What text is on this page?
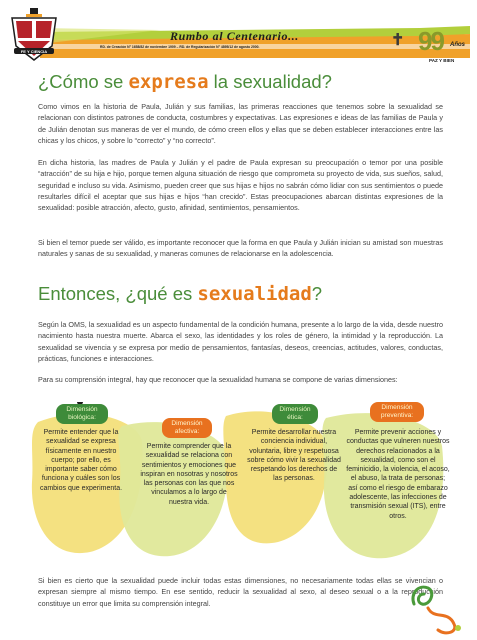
FE Y CIENCIA
Rumbo al Centenario...
RD. de Creación N° 1658/82 de noviembre 1909 – RD. de Regularización N° 4895/12 de agosto 2000.	✝ 99 Años
PAZ Y BIEN
¿Cómo se expresa la sexualidad?

Como vimos en la historia de Paula, Julián y sus familias, las primeras reacciones que tenemos sobre la sexualidad se relacionan con distintos patrones de conducta, costumbres y expectativas. Las expresiones e ideas de las familias de Paula y de Julián denotan sus maneras de ver el mundo, de cómo creen ellos y ellas que se deben establecer interacciones entre las chicas y los chicos, y sobre lo “correcto” y “no correcto”.

En dicha historia, las madres de Paula y Julián y el padre de Paula expresan su preocupación o temor por una posible “atracción” de su hija e hijo, porque temen alguna situación de riesgo que comprometa su proyecto de vida, sus sueños, salud, seguridad e incluso su vida. Asimismo, pueden creer que sus hijas e hijos no sabrán cómo lidiar con sus sentimientos o puede resultarles difícil el aceptar que sus hijas e hijos “han crecido”. Estas preocupaciones abarcan distintas expresiones de la sexualidad: posible atracción, afecto, gusto, afinidad, sentimientos, pensamientos.

Si bien el temor puede ser válido, es importante reconocer que la forma en que Paula y Julián inician su amistad son muestras naturales y sanas de su sexualidad, y maneras comunes de relacionarse en la adolescencia.

Entonces, ¿qué es sexualidad?

Según la OMS, la sexualidad es un aspecto fundamental de la condición humana, presente a lo largo de la vida, desde nuestro nacimiento hasta nuestra muerte. Abarca el sexo, las identidades y los roles de género, la intimidad y la reproducción. La sexualidad se vivencia y se expresa por medio de pensamientos, fantasías, deseos, creencias, actitudes, valores, conductas, prácticas, funciones e interacciones.

Para su comprensión integral, hay que reconocer que la sexualidad humana se compone de varias dimensiones:

Dimensión biológica:
Permite entender que la sexualidad se expresa físicamente en nuestro cuerpo; por ello, es importante saber cómo funciona y cuáles son los cambios que experimenta.
Dimensión afectiva:
Permite comprender que la sexualidad se relaciona con sentimientos y emociones que inspiran en nosotras y nosotros las personas con las que nos vinculamos a lo largo de nuestra vida.
Dimensión ética:
Permite desarrollar nuestra conciencia individual, voluntaria, libre y respetuosa sobre cómo vivir la sexualidad respetando los derechos de las personas.
Dimensión preventiva:
Permite prevenir acciones y conductas que vulneren nuestros derechos relacionados a la sexualidad, como son el feminicidio, la violencia, el acoso, el abuso, la trata de personas; así como el riesgo de embarazo adolescente, las infecciones de transmisión sexual (ITS), entre otros.

Si bien es cierto que la sexualidad puede incluir todas estas dimensiones, no necesariamente todas ellas se vivencian o expresan siempre al mismo tiempo. En ese sentido, reducir la sexualidad al sexo, al deseo sexual o a la reproducción constituye un error que limita su comprensión integral.
